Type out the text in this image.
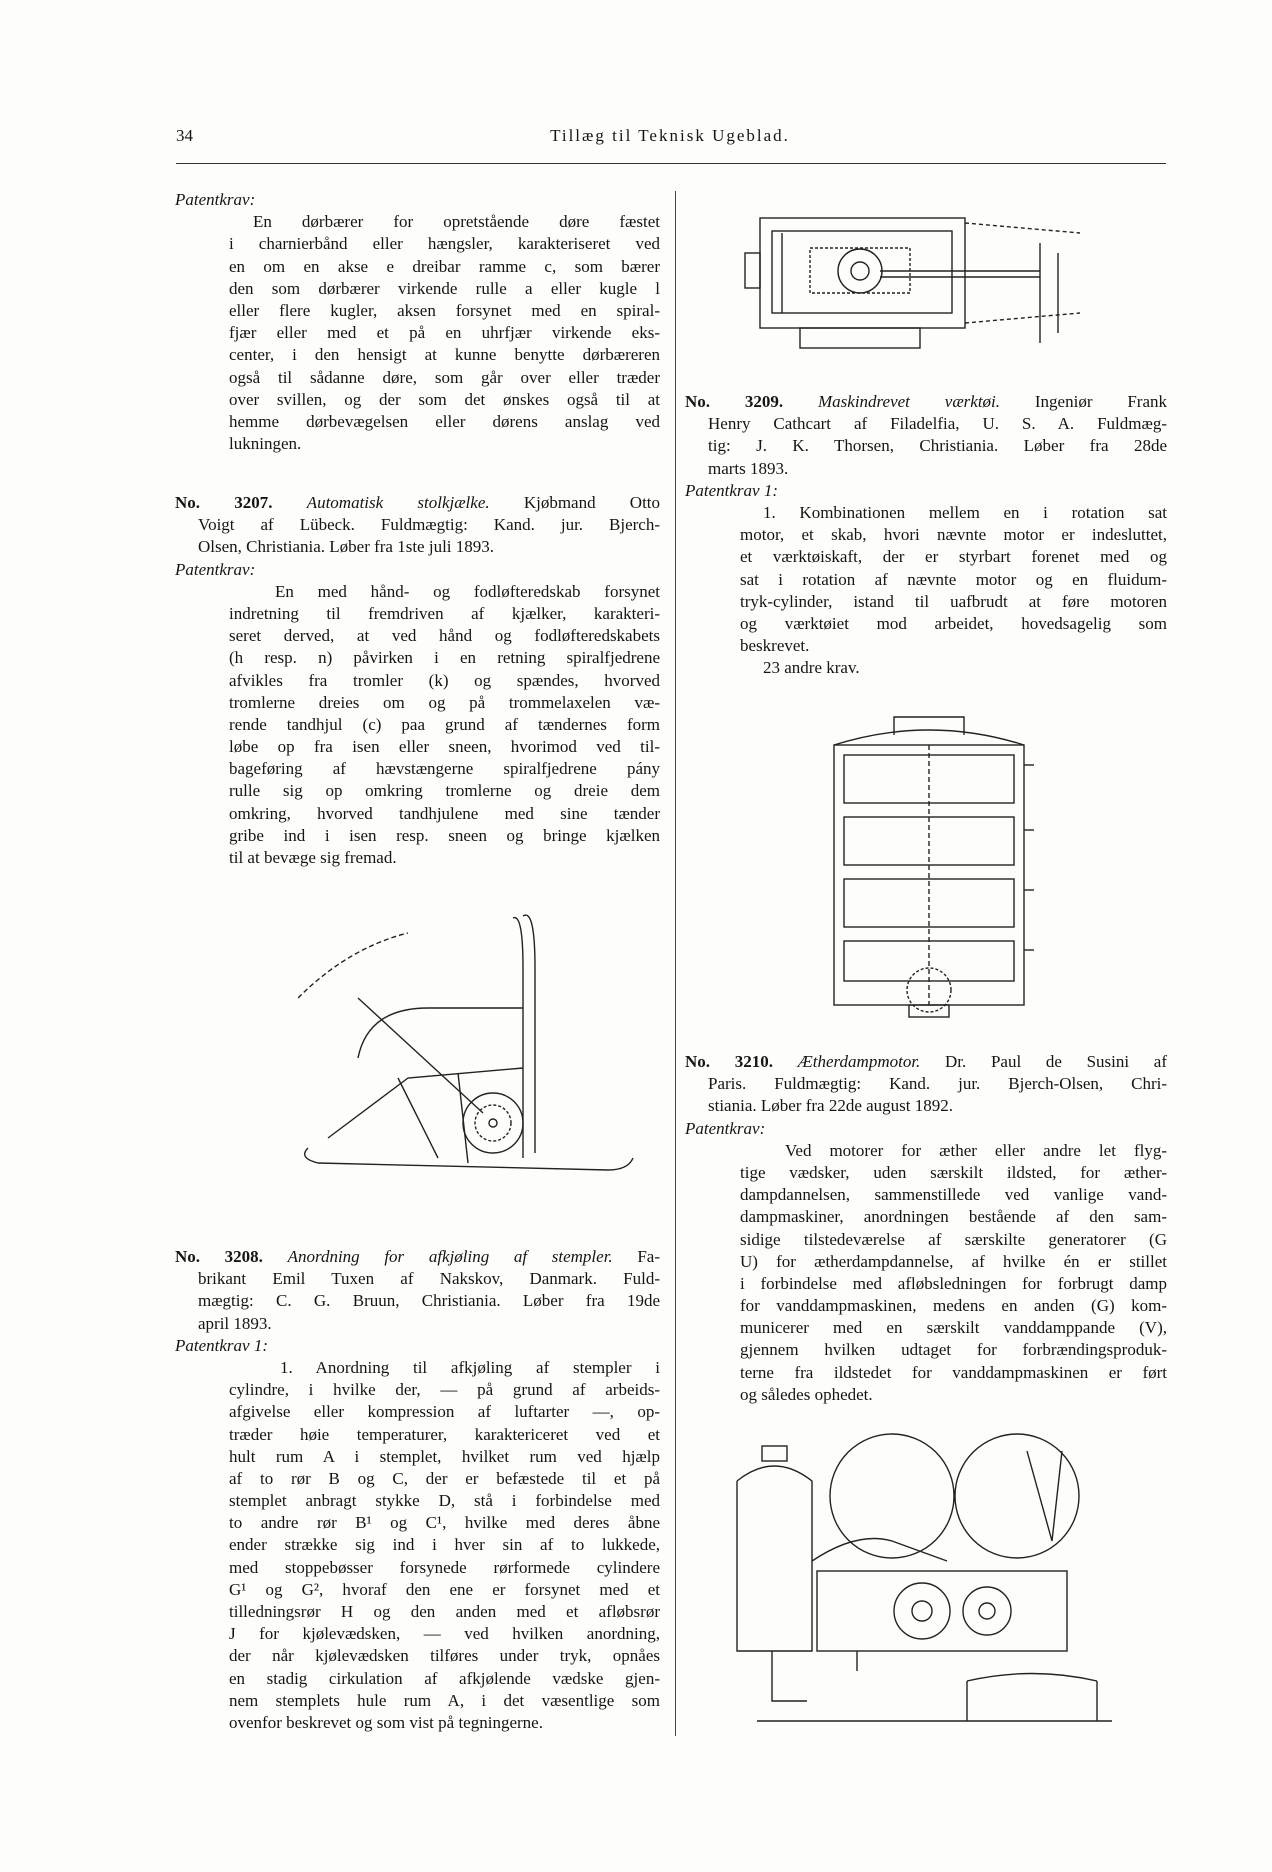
34	Tillæg til Teknisk Ugeblad.
Patentkrav:
En dørbærer for opretstående døre fæstet
i charnierbånd eller hængsler, karakteriseret ved
en om en akse e dreibar ramme c, som bærer
den som dørbærer virkende rulle a eller kugle l
eller flere kugler, aksen forsynet med en spiral-
fjær eller med et på en uhrfjær virkende eks-
center, i den hensigt at kunne benytte dørbæreren
også til sådanne døre, som går over eller træder
over svillen, og der som det ønskes også til at
hemme dørbevægelsen eller dørens anslag ved
lukningen.
No. 3207. Automatisk stolkjælke. Kjøbmand Otto
Voigt af Lübeck. Fuldmægtig: Kand. jur. Bjerch-
Olsen, Christiania. Løber fra 1ste juli 1893.
Patentkrav:
En med hånd- og fodløfteredskab forsynet
indretning til fremdriven af kjælker, karakteri-
seret derved, at ved hånd og fodløfteredskabets
(h resp. n) påvirken i en retning spiralfjedrene
afvikles fra tromler (k) og spændes, hvorved
tromlerne dreies om og på trommelaxelen væ-
rende tandhjul (c) paa grund af tændernes form
løbe op fra isen eller sneen, hvorimod ved til-
bageføring af hævstængerne spiralfjedrene pány
rulle sig op omkring tromlerne og dreie dem
omkring, hvorved tandhjulene med sine tænder
gribe ind i isen resp. sneen og bringe kjælken
til at bevæge sig fremad.
No. 3208. Anordning for afkjøling af stempler. Fa-
brikant Emil Tuxen af Nakskov, Danmark. Fuld-
mægtig: C. G. Bruun, Christiania. Løber fra 19de
april 1893.
Patentkrav 1:
1. Anordning til afkjøling af stempler i
cylindre, i hvilke der, — på grund af arbeids-
afgivelse eller kompression af luftarter —, op-
træder høie temperaturer, karaktericeret ved et
hult rum A i stemplet, hvilket rum ved hjælp
af to rør B og C, der er befæstede til et på
stemplet anbragt stykke D, stå i forbindelse med
to andre rør B¹ og C¹, hvilke med deres åbne
ender strække sig ind i hver sin af to lukkede,
med stoppebøsser forsynede rørformede cylindere
G¹ og G², hvoraf den ene er forsynet med et
tilledningsrør H og den anden med et afløbsrør
J for kjølevædsken, — ved hvilken anordning,
der når kjølevædsken tilføres under tryk, opnåes
en stadig cirkulation af afkjølende vædske gjen-
nem stemplets hule rum A, i det væsentlige som
ovenfor beskrevet og som vist på tegningerne.
No. 3209. Maskindrevet værktøi. Ingeniør Frank
Henry Cathcart af Filadelfia, U. S. A. Fuldmæg-
tig: J. K. Thorsen, Christiania. Løber fra 28de
marts 1893.
Patentkrav 1:
1. Kombinationen mellem en i rotation sat
motor, et skab, hvori nævnte motor er indesluttet,
et værktøiskaft, der er styrbart forenet med og
sat i rotation af nævnte motor og en fluidum-
tryk-cylinder, istand til uafbrudt at føre motoren
og værktøiet mod arbeidet, hovedsagelig som
beskrevet.
23 andre krav.
No. 3210. Ætherdampmotor. Dr. Paul de Susini af
Paris. Fuldmægtig: Kand. jur. Bjerch-Olsen, Chri-
stiania. Løber fra 22de august 1892.
Patentkrav:
Ved motorer for æther eller andre let flyg-
tige vædsker, uden særskilt ildsted, for æther-
dampdannelsen, sammenstillede ved vanlige vand-
dampmaskiner, anordningen bestående af den sam-
sidige tilstedeværelse af særskilte generatorer (G
U) for ætherdampdannelse, af hvilke én er stillet
i forbindelse med afløbsledningen for forbrugt damp
for vanddampmaskinen, medens en anden (G) kom-
municerer med en særskilt vanddamppande (V),
gjennem hvilken udtaget for forbrændingsproduk-
terne fra ildstedet for vanddampmaskinen er ført
og således ophedet.
